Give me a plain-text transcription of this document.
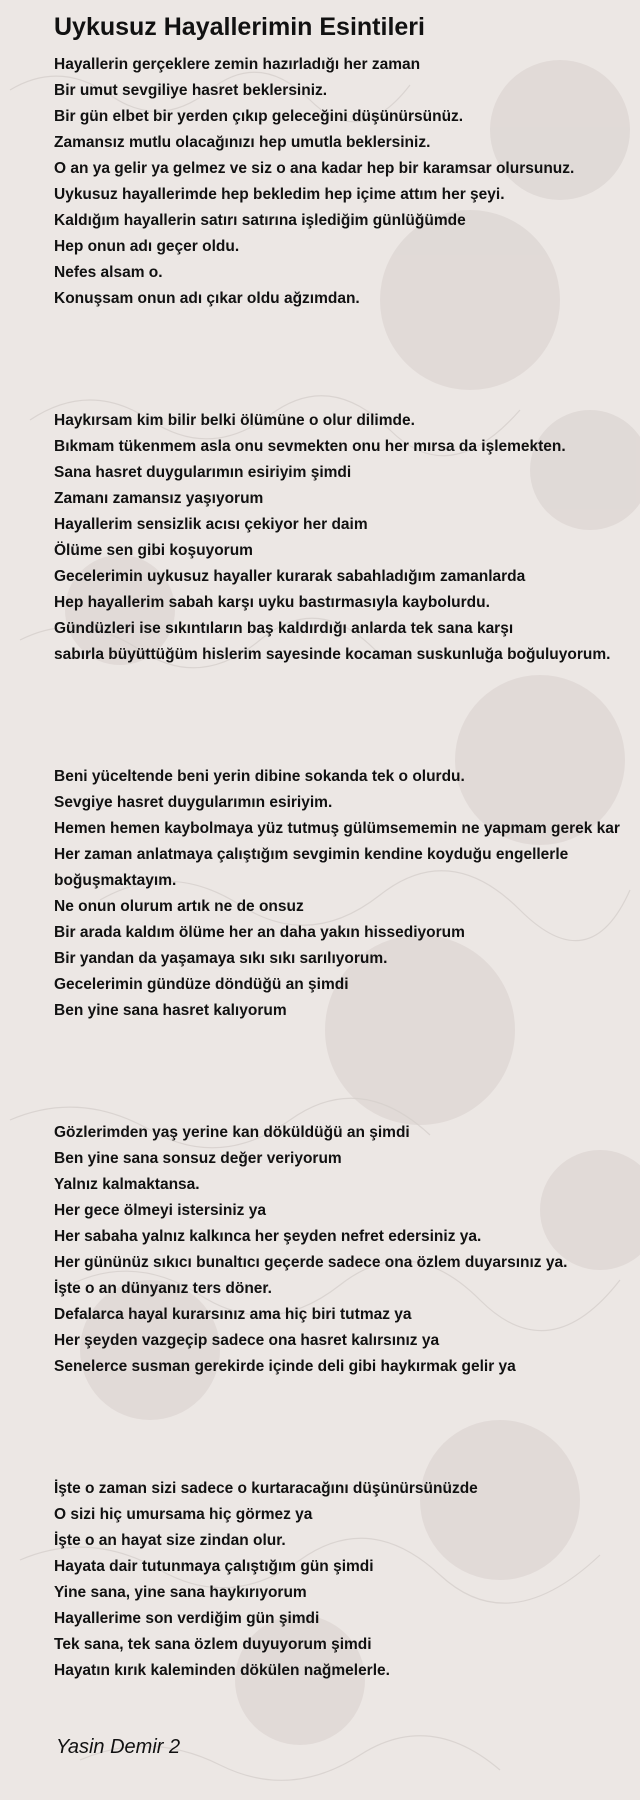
Uykusuz Hayallerimin Esintileri
Hayallerin gerçeklere zemin hazırladığı her zaman
Bir umut sevgiliye hasret beklersiniz.
Bir gün elbet bir yerden çıkıp geleceğini düşünürsünüz.
Zamansız mutlu olacağınızı hep umutla beklersiniz.
O an ya gelir ya gelmez ve siz o ana kadar hep bir karamsar olursunuz.
Uykusuz hayallerimde hep bekledim hep içime attım her şeyi.
Kaldığım hayallerin satırı satırına işlediğim günlüğümde
Hep onun adı geçer oldu.
Nefes alsam o.
Konuşsam onun adı çıkar oldu ağzımdan.
Haykırsam kim bilir belki ölümüne o olur dilimde.
Bıkmam tükenmem asla onu sevmekten onu her mırsa da işlemekten.
Sana hasret duygularımın esiriyim şimdi
Zamanı zamansız yaşıyorum
Hayallerim sensizlik acısı çekiyor her daim
Ölüme sen gibi koşuyorum
Gecelerimin uykusuz hayaller kurarak sabahladığım zamanlarda
Hep hayallerim sabah karşı uyku bastırmasıyla kaybolurdu.
Gündüzleri ise sıkıntıların baş kaldırdığı anlarda tek sana karşı
sabırla büyüttüğüm hislerim sayesinde kocaman suskunluğa boğuluyorum.
Beni yüceltende beni yerin dibine sokanda tek o olurdu.
Sevgiye hasret duygularımın esiriyim.
Hemen hemen kaybolmaya yüz tutmuş gülümsememin ne yapmam gerek kar
Her zaman anlatmaya çalıştığım sevgimin kendine koyduğu engellerle
boğuşmaktayım.
Ne onun olurum artık ne de onsuz
Bir arada kaldım ölüme her an daha yakın hissediyorum
Bir yandan da yaşamaya sıkı sıkı sarılıyorum.
Gecelerimin gündüze döndüğü an şimdi
Ben yine sana hasret kalıyorum
Gözlerimden yaş yerine kan döküldüğü an şimdi
Ben yine sana sonsuz değer veriyorum
Yalnız kalmaktansa.
Her gece ölmeyi istersiniz ya
Her sabaha yalnız kalkınca her şeyden nefret edersiniz ya.
Her gününüz sıkıcı bunaltıcı geçerde sadece ona özlem duyarsınız ya.
İşte o an dünyanız ters döner.
Defalarca hayal kurarsınız ama hiç biri tutmaz ya
Her şeyden vazgeçip sadece ona hasret kalırsınız ya
Senelerce susman gerekirde içinde deli gibi haykırmak gelir ya
İşte o zaman sizi sadece o kurtaracağını düşünürsünüzde
O sizi hiç umursama hiç görmez ya
İşte o an hayat size zindan olur.
Hayata dair tutunmaya çalıştığım gün şimdi
Yine sana, yine sana haykırıyorum
Hayallerime son verdiğim gün şimdi
Tek sana, tek sana özlem duyuyorum şimdi
Hayatın kırık kaleminden dökülen nağmelerle.
Yasin Demir 2
